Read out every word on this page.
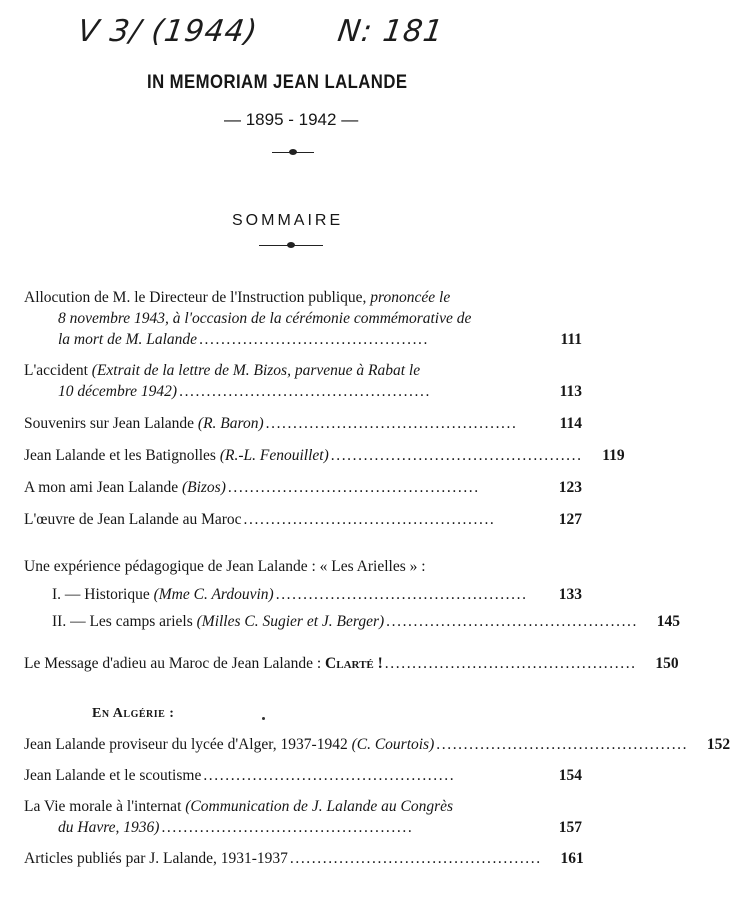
V 3/ (1944)	N: 181
IN MEMORIAM JEAN LALANDE
— 1895 - 1942 —
SOMMAIRE
Allocution de M. le Directeur de l'Instruction publique, prononcée le
8 novembre 1943, à l'occasion de la cérémonie commémorative de
la mort de M. Lalande ..........................................	111
L'accident (Extrait de la lettre de M. Bizos, parvenue à Rabat le
10 décembre 1942) ..............................................	113
Souvenirs sur Jean Lalande (R. Baron) ..............................................	114
Jean Lalande et les Batignolles (R.-L. Fenouillet) ..............................................	119
A mon ami Jean Lalande (Bizos) ..............................................	123
L'œuvre de Jean Lalande au Maroc ..............................................	127
Une expérience pédagogique de Jean Lalande : « Les Arielles » :
I. — Historique (Mme C. Ardouvin) ..............................................	133
II. — Les camps ariels (Milles C. Sugier et J. Berger) ..............................................	145
Le Message d'adieu au Maroc de Jean Lalande : Clarté ! ..............................................	150
En Algérie :
Jean Lalande proviseur du lycée d'Alger, 1937-1942 (C. Courtois) ..............................................	152
Jean Lalande et le scoutisme ..............................................	154
La Vie morale à l'internat (Communication de J. Lalande au Congrès
du Havre, 1936) ..............................................	157
Articles publiés par J. Lalande, 1931-1937 ..............................................	161
